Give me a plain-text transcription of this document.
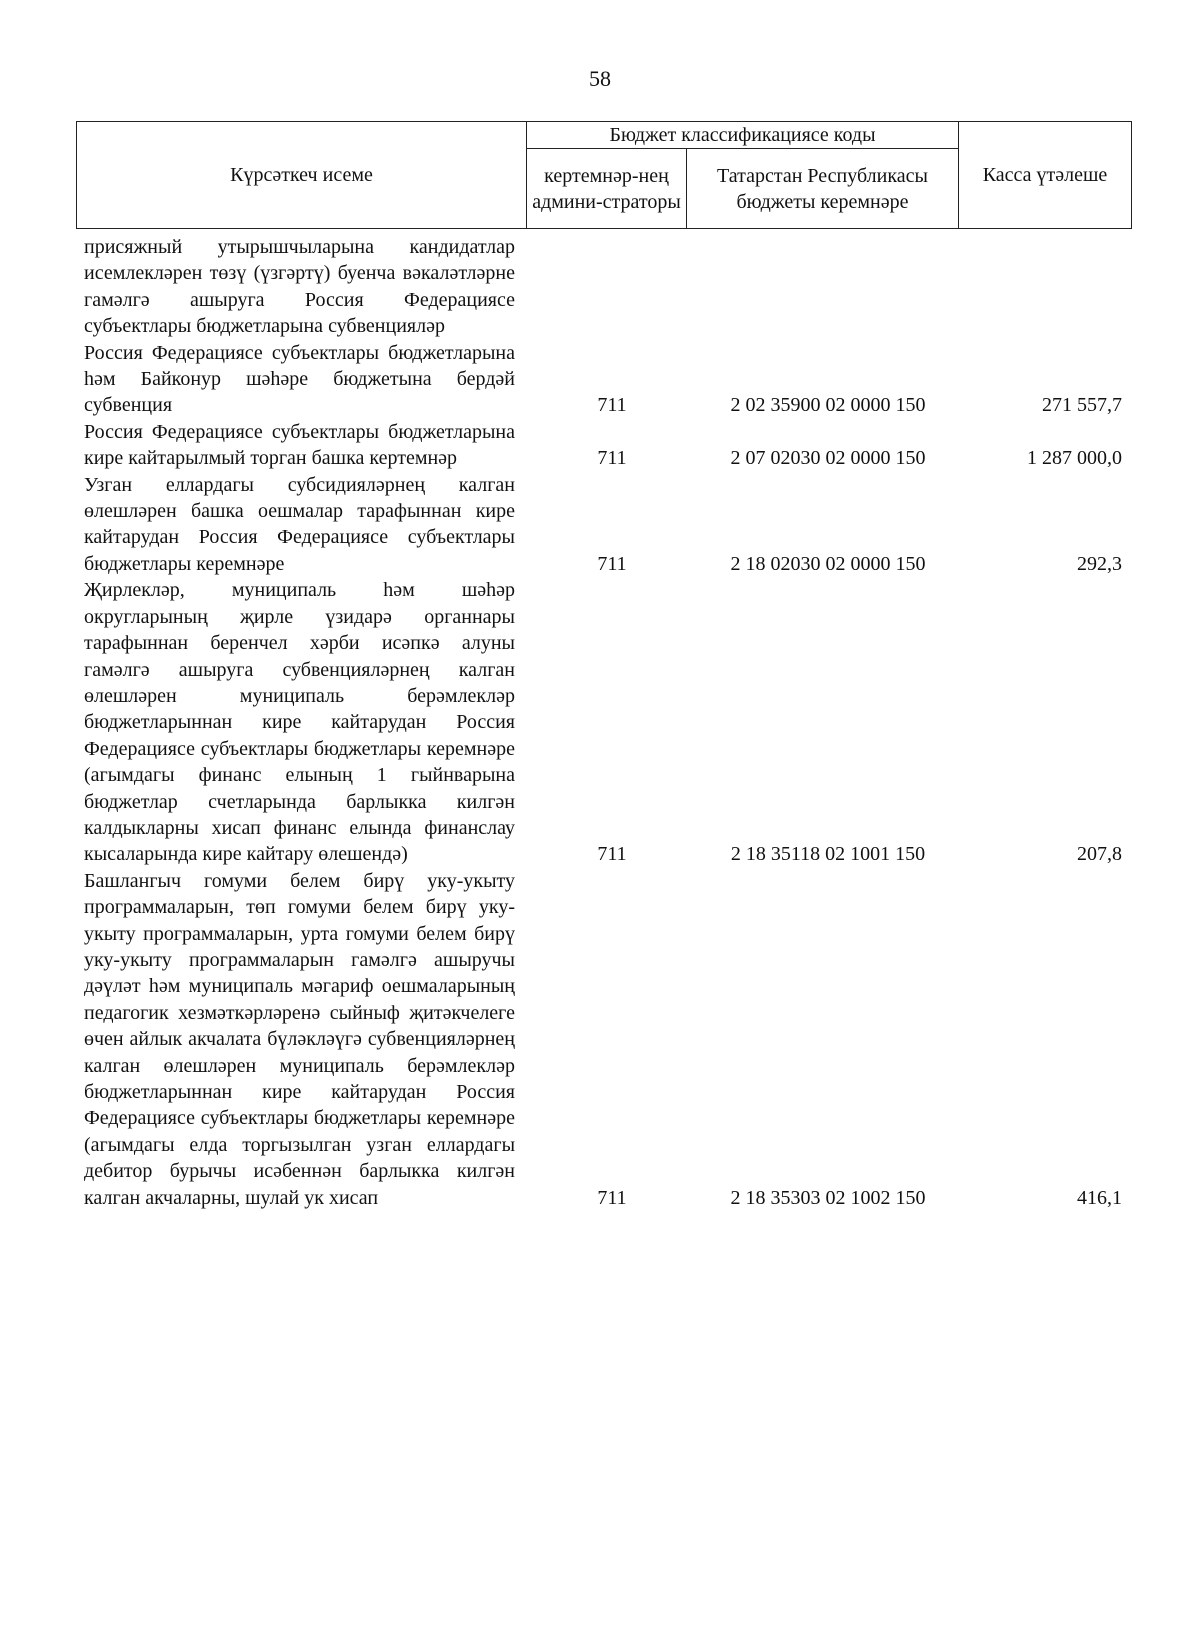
58
Күрсәткеч исеме	Бюджет классификациясе коды		Касса үтәлеше
	кертемнәр-нең админи-страторы	Татарстан Республикасы бюджеты керемнәре	
присяжный утырышчыларына кандидатлар исемлекләрен төзү (үзгәртү) буенча вәкаләтләрне гамәлгә ашыруга Россия Федерациясе субъектлары бюджетларына субвенцияләр
Россия Федерациясе субъектлары бюджетларына һәм Байконур шәһәре бюджетына бердәй субвенция	711	2 02 35900 02 0000 150	271 557,7
Россия Федерациясе субъектлары бюджетларына кире кайтарылмый торган башка кертемнәр	711	2 07 02030 02 0000 150	1 287 000,0
Узган еллардагы субсидияләрнең калган өлешләрен башка оешмалар тарафыннан кире кайтарудан Россия Федерациясе субъектлары бюджетлары керемнәре	711	2 18 02030 02 0000 150	292,3
Җирлекләр, муниципаль һәм шәһәр округларының җирле үзидарә органнары тарафыннан беренчел хәрби исәпкә алуны гамәлгә ашыруга субвенцияләрнең калган өлешләрен муниципаль берәмлекләр бюджетларыннан кире кайтарудан Россия Федерациясе субъектлары бюджетлары керемнәре (агымдагы финанс елының 1 гыйнварына бюджетлар счетларында барлыкка килгән калдыкларны хисап финанс елында финанслау кысаларында кире кайтару өлешендә)	711	2 18 35118 02 1001 150	207,8
Башлангыч гомуми белем бирү уку-укыту программаларын, төп гомуми белем бирү уку-укыту программаларын, урта гомуми белем бирү уку-укыту программаларын гамәлгә ашыручы дәүләт һәм муниципаль мәгариф оешмаларының педагогик хезмәткәрләренә сыйныф җитәкчелеге өчен айлык акчалата бүләкләүгә субвенцияләрнең калган өлешләрен муниципаль берәмлекләр бюджетларыннан кире кайтарудан Россия Федерациясе субъектлары бюджетлары керемнәре (агымдагы елда торгызылган узган еллардагы дебитор бурычы исәбеннән барлыкка килгән калган акчаларны, шулай ук хисап	711	2 18 35303 02 1002 150	416,1
